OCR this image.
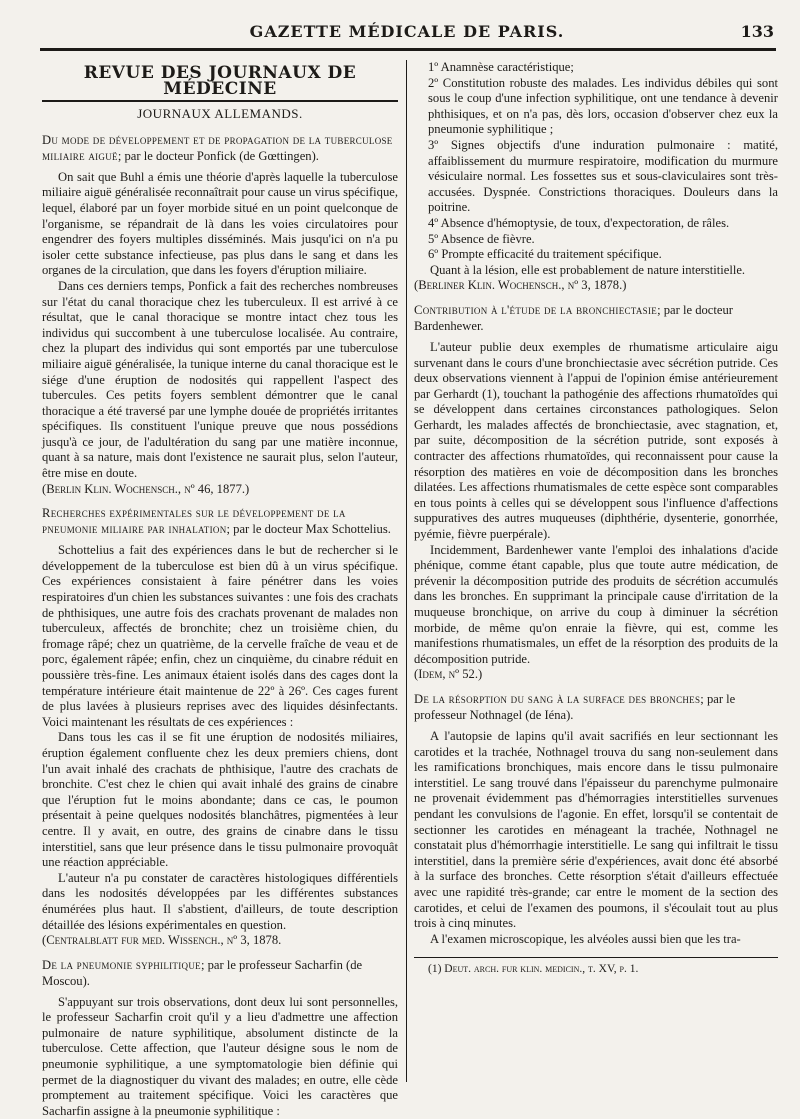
GAZETTE MÉDICALE DE PARIS.	133
REVUE DES JOURNAUX DE MÉDECINE
JOURNAUX ALLEMANDS.
Du mode de développement et de propagation de la tuberculose miliaire aiguë; par le docteur Ponfick (de Gœttingen).

On sait que Buhl a émis une théorie d'après laquelle la tuberculose miliaire aiguë généralisée reconnaîtrait pour cause un virus spécifique, lequel, élaboré par un foyer morbide situé en un point quelconque de l'organisme, se répandrait de là dans les voies circulatoires pour engendrer des foyers multiples disséminés. Mais jusqu'ici on n'a pu isoler cette substance infectieuse, pas plus dans le sang et dans les organes de la circulation, que dans les foyers d'éruption miliaire.

Dans ces derniers temps, Ponfick a fait des recherches nombreuses sur l'état du canal thoracique chez les tuberculeux. Il est arrivé à ce résultat, que le canal thoracique se montre intact chez tous les individus qui succombent à une tuberculose localisée. Au contraire, chez la plupart des individus qui sont emportés par une tuberculose miliaire aiguë généralisée, la tunique interne du canal thoracique est le siége d'une éruption de nodosités qui rappellent l'aspect des tubercules. Ces petits foyers semblent démontrer que le canal thoracique a été traversé par une lymphe douée de propriétés irritantes spécifiques. Ils constituent l'unique preuve que nous possédions jusqu'à ce jour, de l'adultération du sang par une matière inconnue, quant à sa nature, mais dont l'existence ne saurait plus, selon l'auteur, être mise en doute.

(Berlin Klin. Wochensch., nº 46, 1877.)

Recherches expérimentales sur le développement de la pneumonie miliaire par inhalation; par le docteur Max Schottelius.

Schottelius a fait des expériences dans le but de rechercher si le développement de la tuberculose est bien dû à un virus spécifique. Ces expériences consistaient à faire pénétrer dans les voies respiratoires d'un chien les substances suivantes : une fois des crachats de phthisiques, une autre fois des crachats provenant de malades non tuberculeux, affectés de bronchite; chez un troisième chien, du fromage râpé; chez un quatrième, de la cervelle fraîche de veau et de porc, également râpée; enfin, chez un cinquième, du cinabre réduit en poussière très-fine. Les animaux étaient isolés dans des cages dont la température intérieure était maintenue de 22º à 26º. Ces cages furent de plus lavées à plusieurs reprises avec des liquides désinfectants. Voici maintenant les résultats de ces expériences :

Dans tous les cas il se fit une éruption de nodosités miliaires, éruption également confluente chez les deux premiers chiens, dont l'un avait inhalé des crachats de phthisique, l'autre des crachats de bronchite. C'est chez le chien qui avait inhalé des grains de cinabre que l'éruption fut le moins abondante; dans ce cas, le poumon présentait à peine quelques nodosités blanchâtres, pigmentées à leur centre. Il y avait, en outre, des grains de cinabre dans le tissu interstitiel, sans que leur présence dans le tissu pulmonaire provoquât une réaction appréciable.

L'auteur n'a pu constater de caractères histologiques différentiels dans les nodosités développées par les différentes substances énumérées plus haut. Il s'abstient, d'ailleurs, de toute description détaillée des lésions expérimentales en question.

(Centralblatt fur med. Wissench., nº 3, 1878.

De la pneumonie syphilitique; par le professeur Sacharfin (de Moscou).

S'appuyant sur trois observations, dont deux lui sont personnelles, le professeur Sacharfin croit qu'il y a lieu d'admettre une affection pulmonaire de nature syphilitique, absolument distincte de la tuberculose. Cette affection, que l'auteur désigne sous le nom de pneumonie syphilitique, a une symptomatologie bien définie qui permet de la diagnostiquer du vivant des malades; en outre, elle cède promptement au traitement spécifique. Voici les caractères que Sacharfin assigne à la pneumonie syphilitique :

1º Anamnèse caractéristique;

2º Constitution robuste des malades. Les individus débiles qui sont sous le coup d'une infection syphilitique, ont une tendance à devenir phthisiques, et on n'a pas, dès lors, occasion d'observer chez eux la pneumonie syphilitique ;

3º Signes objectifs d'une induration pulmonaire : matité, affaiblissement du murmure respiratoire, modification du murmure vésiculaire normal. Les fossettes sus et sous-claviculaires sont très-accusées. Dyspnée. Constrictions thoraciques. Douleurs dans la poitrine.

4º Absence d'hémoptysie, de toux, d'expectoration, de râles.

5º Absence de fièvre.

6º Prompte efficacité du traitement spécifique.

Quant à la lésion, elle est probablement de nature interstitielle.

(Berliner Klin. Wochensch., nº 3, 1878.)

Contribution à l'étude de la bronchiectasie; par le docteur Bardenhewer.

L'auteur publie deux exemples de rhumatisme articulaire aigu survenant dans le cours d'une bronchiectasie avec sécrétion putride. Ces deux observations viennent à l'appui de l'opinion émise antérieurement par Gerhardt (1), touchant la pathogénie des affections rhumatoïdes qui se développent dans certaines circonstances pathologiques. Selon Gerhardt, les malades affectés de bronchiectasie, avec stagnation, et, par suite, décomposition de la sécrétion putride, sont exposés à contracter des affections rhumatoïdes, qui reconnaissent pour cause la résorption des matières en voie de décomposition dans les bronches dilatées. Les affections rhumatismales de cette espèce sont comparables en tous points à celles qui se développent sous l'influence d'affections suppuratives des autres muqueuses (diphthérie, dysenterie, gonorrhée, pyémie, fièvre puerpérale).

Incidemment, Bardenhewer vante l'emploi des inhalations d'acide phénique, comme étant capable, plus que toute autre médication, de prévenir la décomposition putride des produits de sécrétion accumulés dans les bronches. En supprimant la principale cause d'irritation de la muqueuse bronchique, on arrive du coup à diminuer la sécrétion morbide, de même qu'on enraie la fièvre, qui est, comme les manifestions rhumatismales, un effet de la résorption des produits de la décomposition putride.

(Idem, nº 52.)

De la résorption du sang à la surface des bronches; par le professeur Nothnagel (de Iéna).

A l'autopsie de lapins qu'il avait sacrifiés en leur sectionnant les carotides et la trachée, Nothnagel trouva du sang non-seulement dans les ramifications bronchiques, mais encore dans le tissu pulmonaire interstitiel. Le sang trouvé dans l'épaisseur du parenchyme pulmonaire ne provenait évidemment pas d'hémorragies interstitielles survenues pendant les convulsions de l'agonie. En effet, lorsqu'il se contentait de sectionner les carotides en ménageant la trachée, Nothnagel ne constatait plus d'hémorrhagie interstitielle. Le sang qui infiltrait le tissu interstitiel, dans la première série d'expériences, avait donc été absorbé à la surface des bronches. Cette résorption s'était d'ailleurs effectuée avec une rapidité très-grande; car entre le moment de la section des carotides, et celui de l'examen des poumons, il s'écoulait tout au plus trois à cinq minutes.

A l'examen microscopique, les alvéoles aussi bien que les tra-

(1) Deut. arch. fur klin. medicin., t. XV, p. 1.
